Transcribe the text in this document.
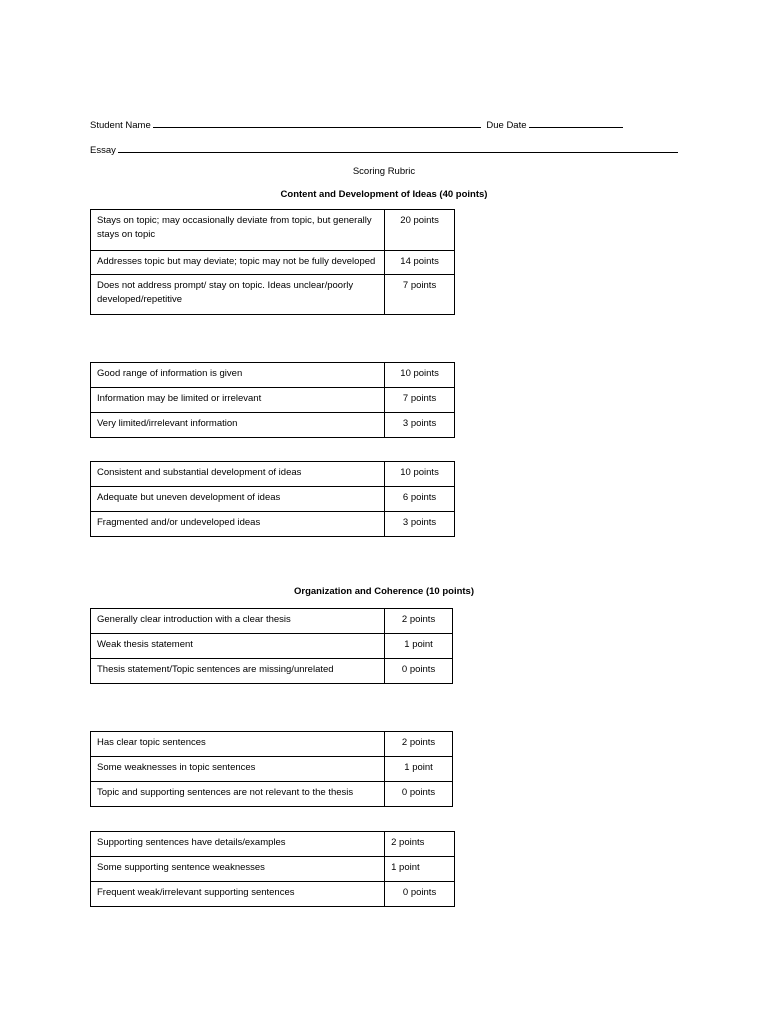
Student Name	Due Date
Essay
Scoring Rubric
Content and Development of Ideas (40 points)
Stays on topic; may occasionally deviate from topic, but generally stays on topic	20 points
Addresses topic but may deviate; topic may not be fully developed	14 points
Does not address prompt/ stay on topic. Ideas unclear/poorly developed/repetitive	7 points
Good range of information is given	10 points
Information may be limited or irrelevant	7 points
Very limited/irrelevant information	3 points
Consistent and substantial development of ideas	10 points
Adequate but uneven development of ideas	6 points
Fragmented and/or undeveloped ideas	3 points
Organization and Coherence (10 points)
Generally clear introduction with a clear thesis	2 points
Weak thesis statement	1 point
Thesis statement/Topic sentences are missing/unrelated	0 points
Has clear topic sentences	2 points
Some weaknesses in topic sentences	1 point
Topic and supporting sentences are not relevant to the thesis	0 points
Supporting sentences have details/examples	2 points
Some supporting sentence weaknesses	1 point
Frequent weak/irrelevant supporting sentences	0 points
